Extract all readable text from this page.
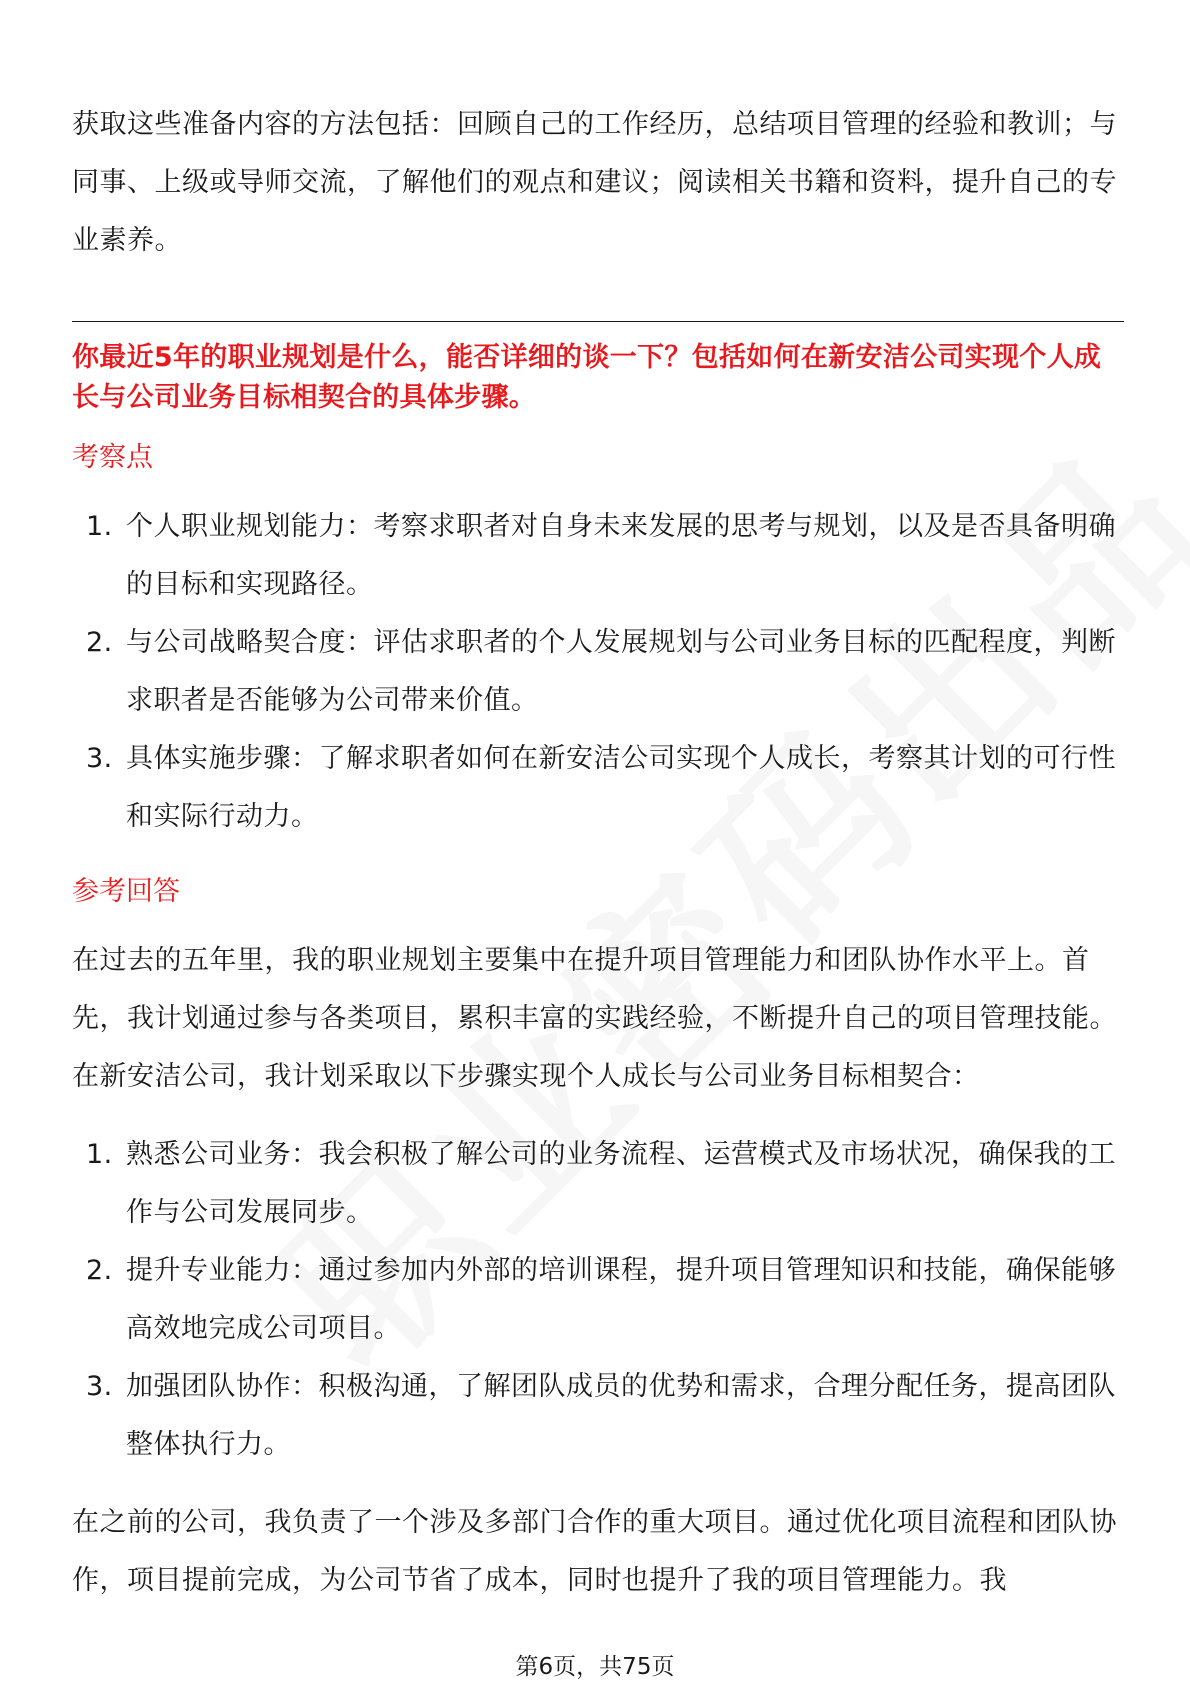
获取这些准备内容的方法包括：回顾自己的工作经历，总结项目管理的经验和教训；与同事、上级或导师交流，了解他们的观点和建议；阅读相关书籍和资料，提升自己的专业素养。

你最近5年的职业规划是什么，能否详细的谈一下？包括如何在新安洁公司实现个人成长与公司业务目标相契合的具体步骤。

考察点

1. 个人职业规划能力：考察求职者对自身未来发展的思考与规划，以及是否具备明确的目标和实现路径。
2. 与公司战略契合度：评估求职者的个人发展规划与公司业务目标的匹配程度，判断求职者是否能够为公司带来价值。
3. 具体实施步骤：了解求职者如何在新安洁公司实现个人成长，考察其计划的可行性和实际行动力。

参考回答

在过去的五年里，我的职业规划主要集中在提升项目管理能力和团队协作水平上。首先，我计划通过参与各类项目，累积丰富的实践经验，不断提升自己的项目管理技能。在新安洁公司，我计划采取以下步骤实现个人成长与公司业务目标相契合：

1. 熟悉公司业务：我会积极了解公司的业务流程、运营模式及市场状况，确保我的工作与公司发展同步。
2. 提升专业能力：通过参加内外部的培训课程，提升项目管理知识和技能，确保能够高效地完成公司项目。
3. 加强团队协作：积极沟通，了解团队成员的优势和需求，合理分配任务，提高团队整体执行力。

在之前的公司，我负责了一个涉及多部门合作的重大项目。通过优化项目流程和团队协作，项目提前完成，为公司节省了成本，同时也提升了我的项目管理能力。我

第6页，共75页
